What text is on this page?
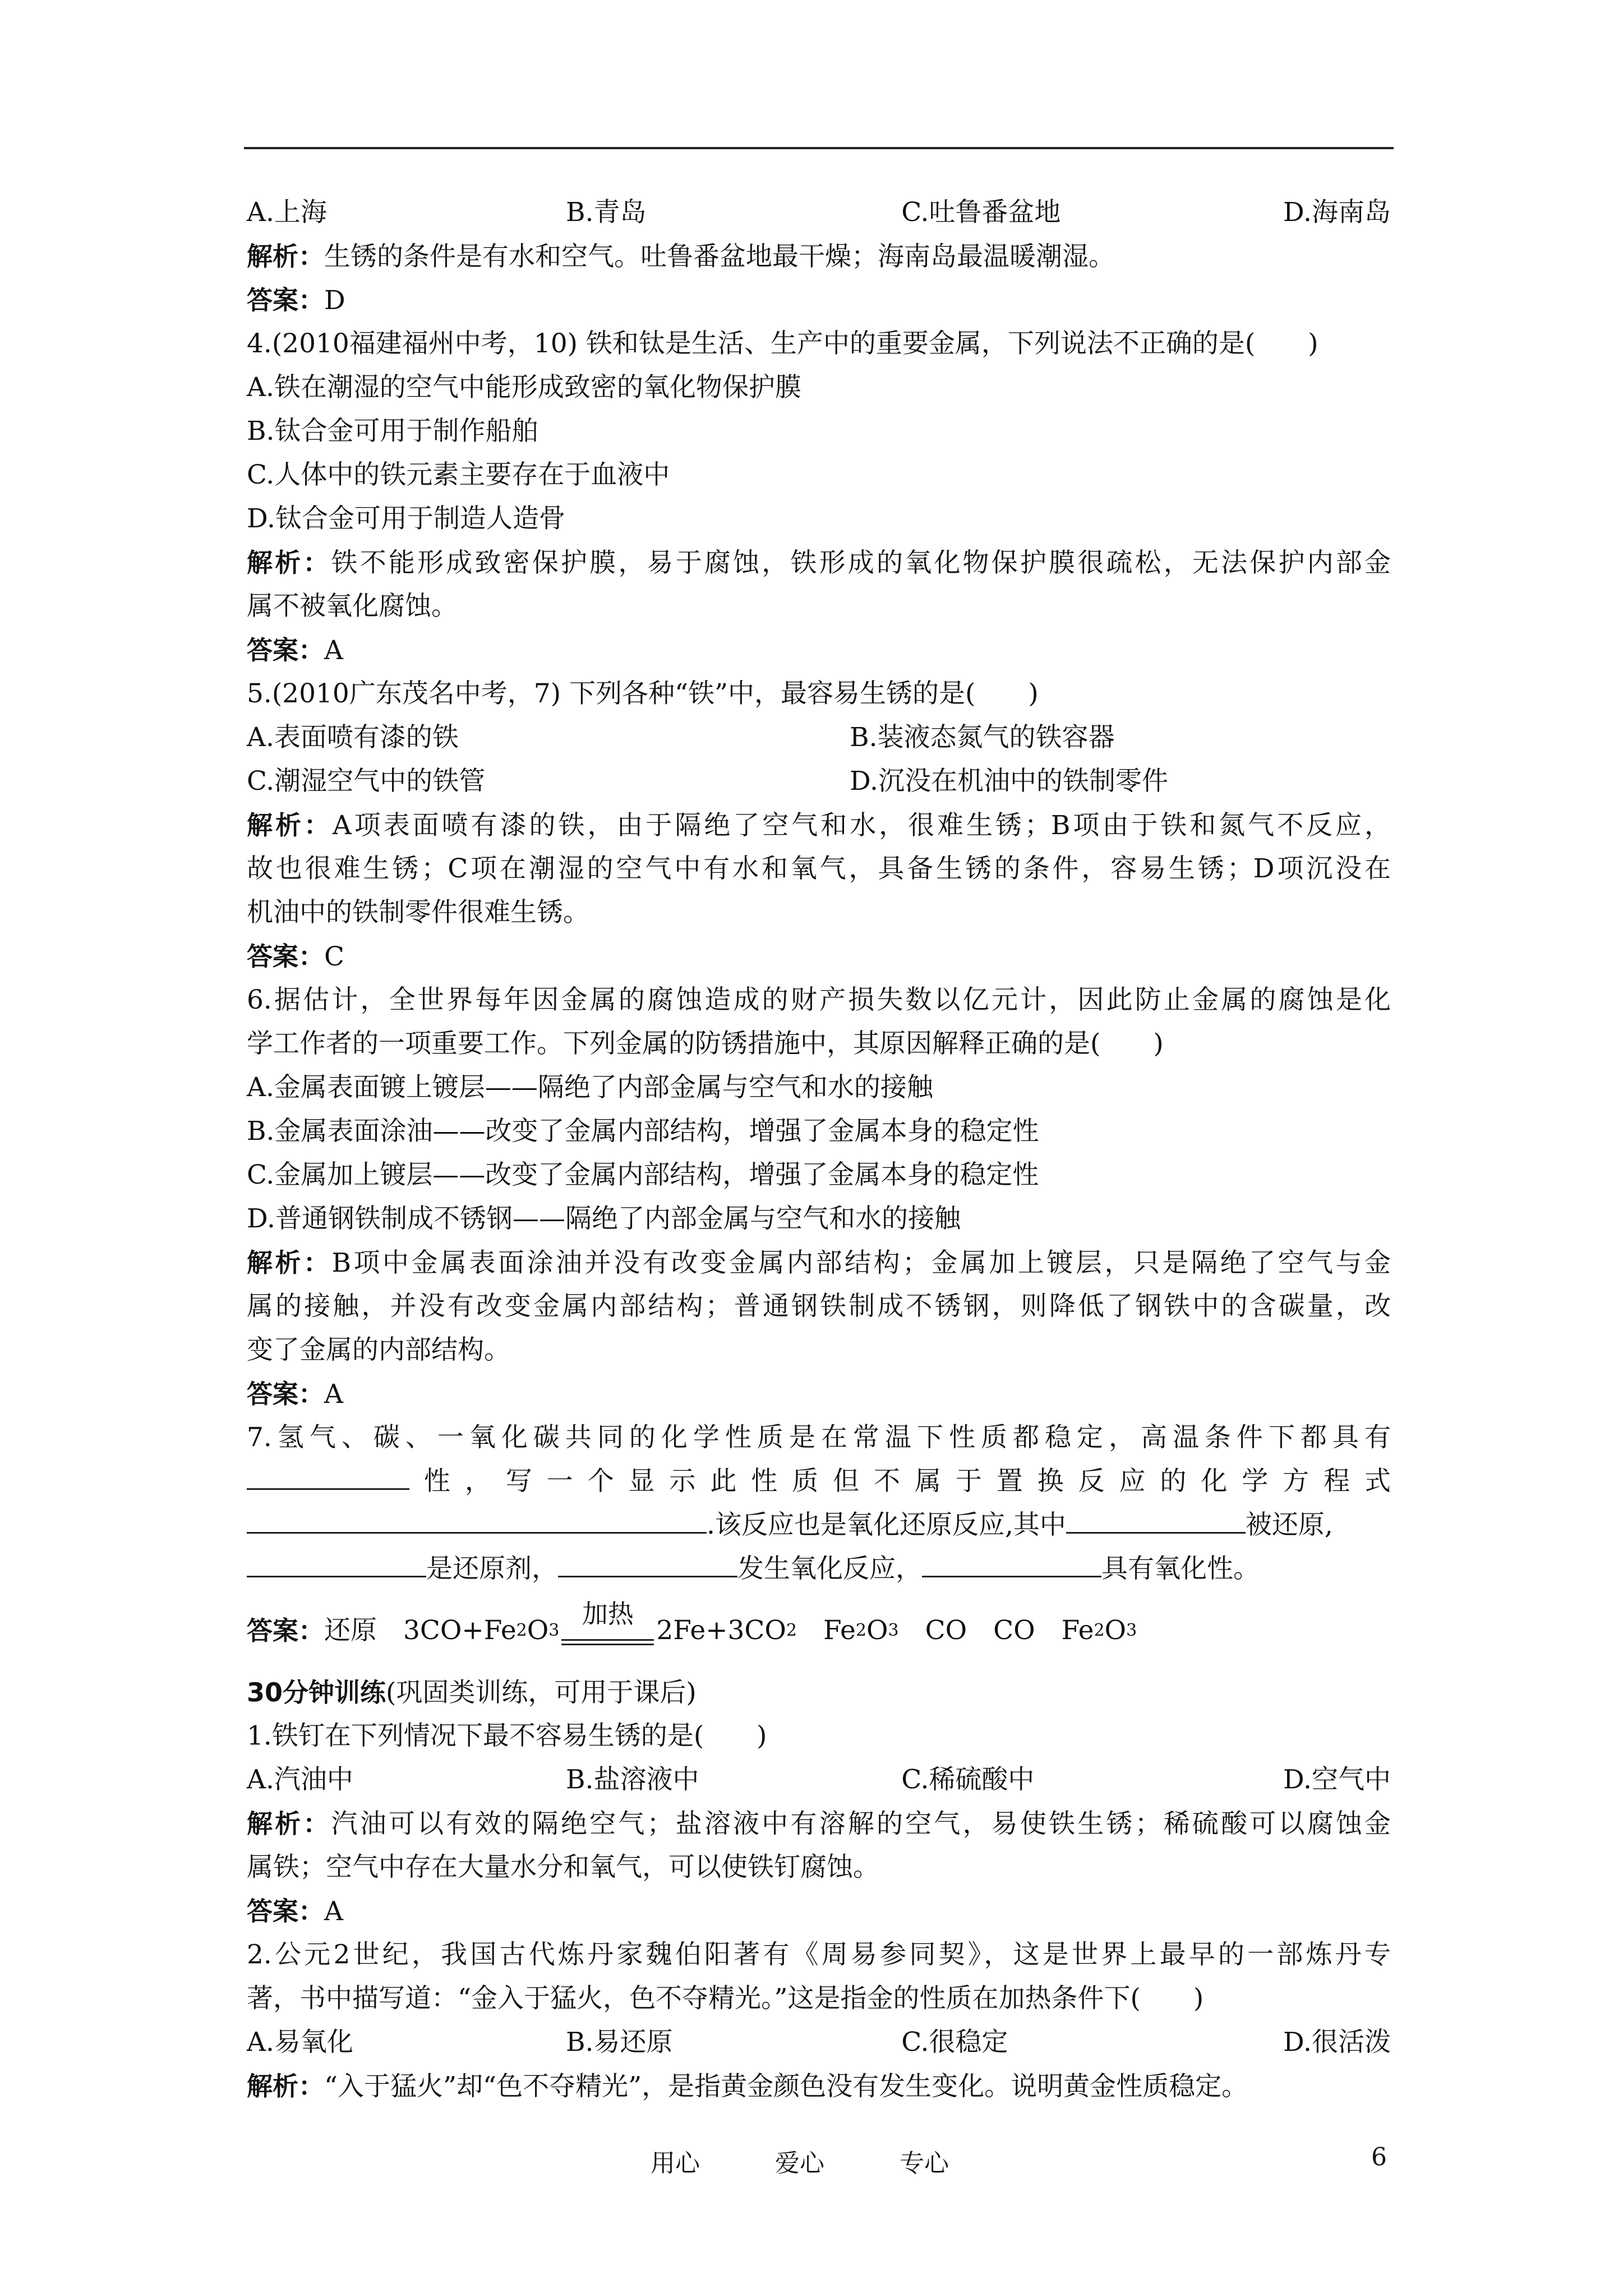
A.上海	B.青岛	C.吐鲁番盆地	D.海南岛
解析：生锈的条件是有水和空气。吐鲁番盆地最干燥；海南岛最温暖潮湿。
答案：D
4.(2010福建福州中考，10) 铁和钛是生活、生产中的重要金属，下列说法不正确的是(　　)
A.铁在潮湿的空气中能形成致密的氧化物保护膜
B.钛合金可用于制作船舶
C.人体中的铁元素主要存在于血液中
D.钛合金可用于制造人造骨
解析：铁不能形成致密保护膜，易于腐蚀，铁形成的氧化物保护膜很疏松，无法保护内部金
属不被氧化腐蚀。
答案：A
5.(2010广东茂名中考，7) 下列各种“铁”中，最容易生锈的是(　　)
A.表面喷有漆的铁	B.装液态氮气的铁容器
C.潮湿空气中的铁管	D.沉没在机油中的铁制零件
解析：A项表面喷有漆的铁，由于隔绝了空气和水，很难生锈；B项由于铁和氮气不反应，
故也很难生锈；C项在潮湿的空气中有水和氧气，具备生锈的条件，容易生锈；D项沉没在
机油中的铁制零件很难生锈。
答案：C
6.据估计，全世界每年因金属的腐蚀造成的财产损失数以亿元计，因此防止金属的腐蚀是化
学工作者的一项重要工作。下列金属的防锈措施中，其原因解释正确的是(　　)
A.金属表面镀上镀层——隔绝了内部金属与空气和水的接触
B.金属表面涂油——改变了金属内部结构，增强了金属本身的稳定性
C.金属加上镀层——改变了金属内部结构，增强了金属本身的稳定性
D.普通钢铁制成不锈钢——隔绝了内部金属与空气和水的接触
解析：B项中金属表面涂油并没有改变金属内部结构；金属加上镀层，只是隔绝了空气与金
属的接触，并没有改变金属内部结构；普通钢铁制成不锈钢，则降低了钢铁中的含碳量，改
变了金属的内部结构。
答案：A
7.氢气、碳、一氧化碳共同的化学性质是在常温下性质都稳定，高温条件下都具有
性，写一个显示此性质但不属于置换反应的化学方程式
.该反应也是氧化还原反应,其中	被还原,
是还原剂，	发生氧化反应，	具有氧化性。
答案： 还原　3CO+Fe 2 O 3
加热
2Fe+3CO 2 　Fe 2 O 3 　CO　CO　Fe 2 O 3
30分钟训练(巩固类训练，可用于课后)
1.铁钉在下列情况下最不容易生锈的是(　　)
A.汽油中	B.盐溶液中	C.稀硫酸中	D.空气中
解析：汽油可以有效的隔绝空气；盐溶液中有溶解的空气，易使铁生锈；稀硫酸可以腐蚀金
属铁；空气中存在大量水分和氧气，可以使铁钉腐蚀。
答案：A
2.公元2世纪，我国古代炼丹家魏伯阳著有《周易参同契》，这是世界上最早的一部炼丹专
著，书中描写道：“金入于猛火，色不夺精光。”这是指金的性质在加热条件下(　　)
A.易氧化	B.易还原	C.很稳定	D.很活泼
解析：“入于猛火”却“色不夺精光”，是指黄金颜色没有发生变化。说明黄金性质稳定。
用心	爱心	专心	6
